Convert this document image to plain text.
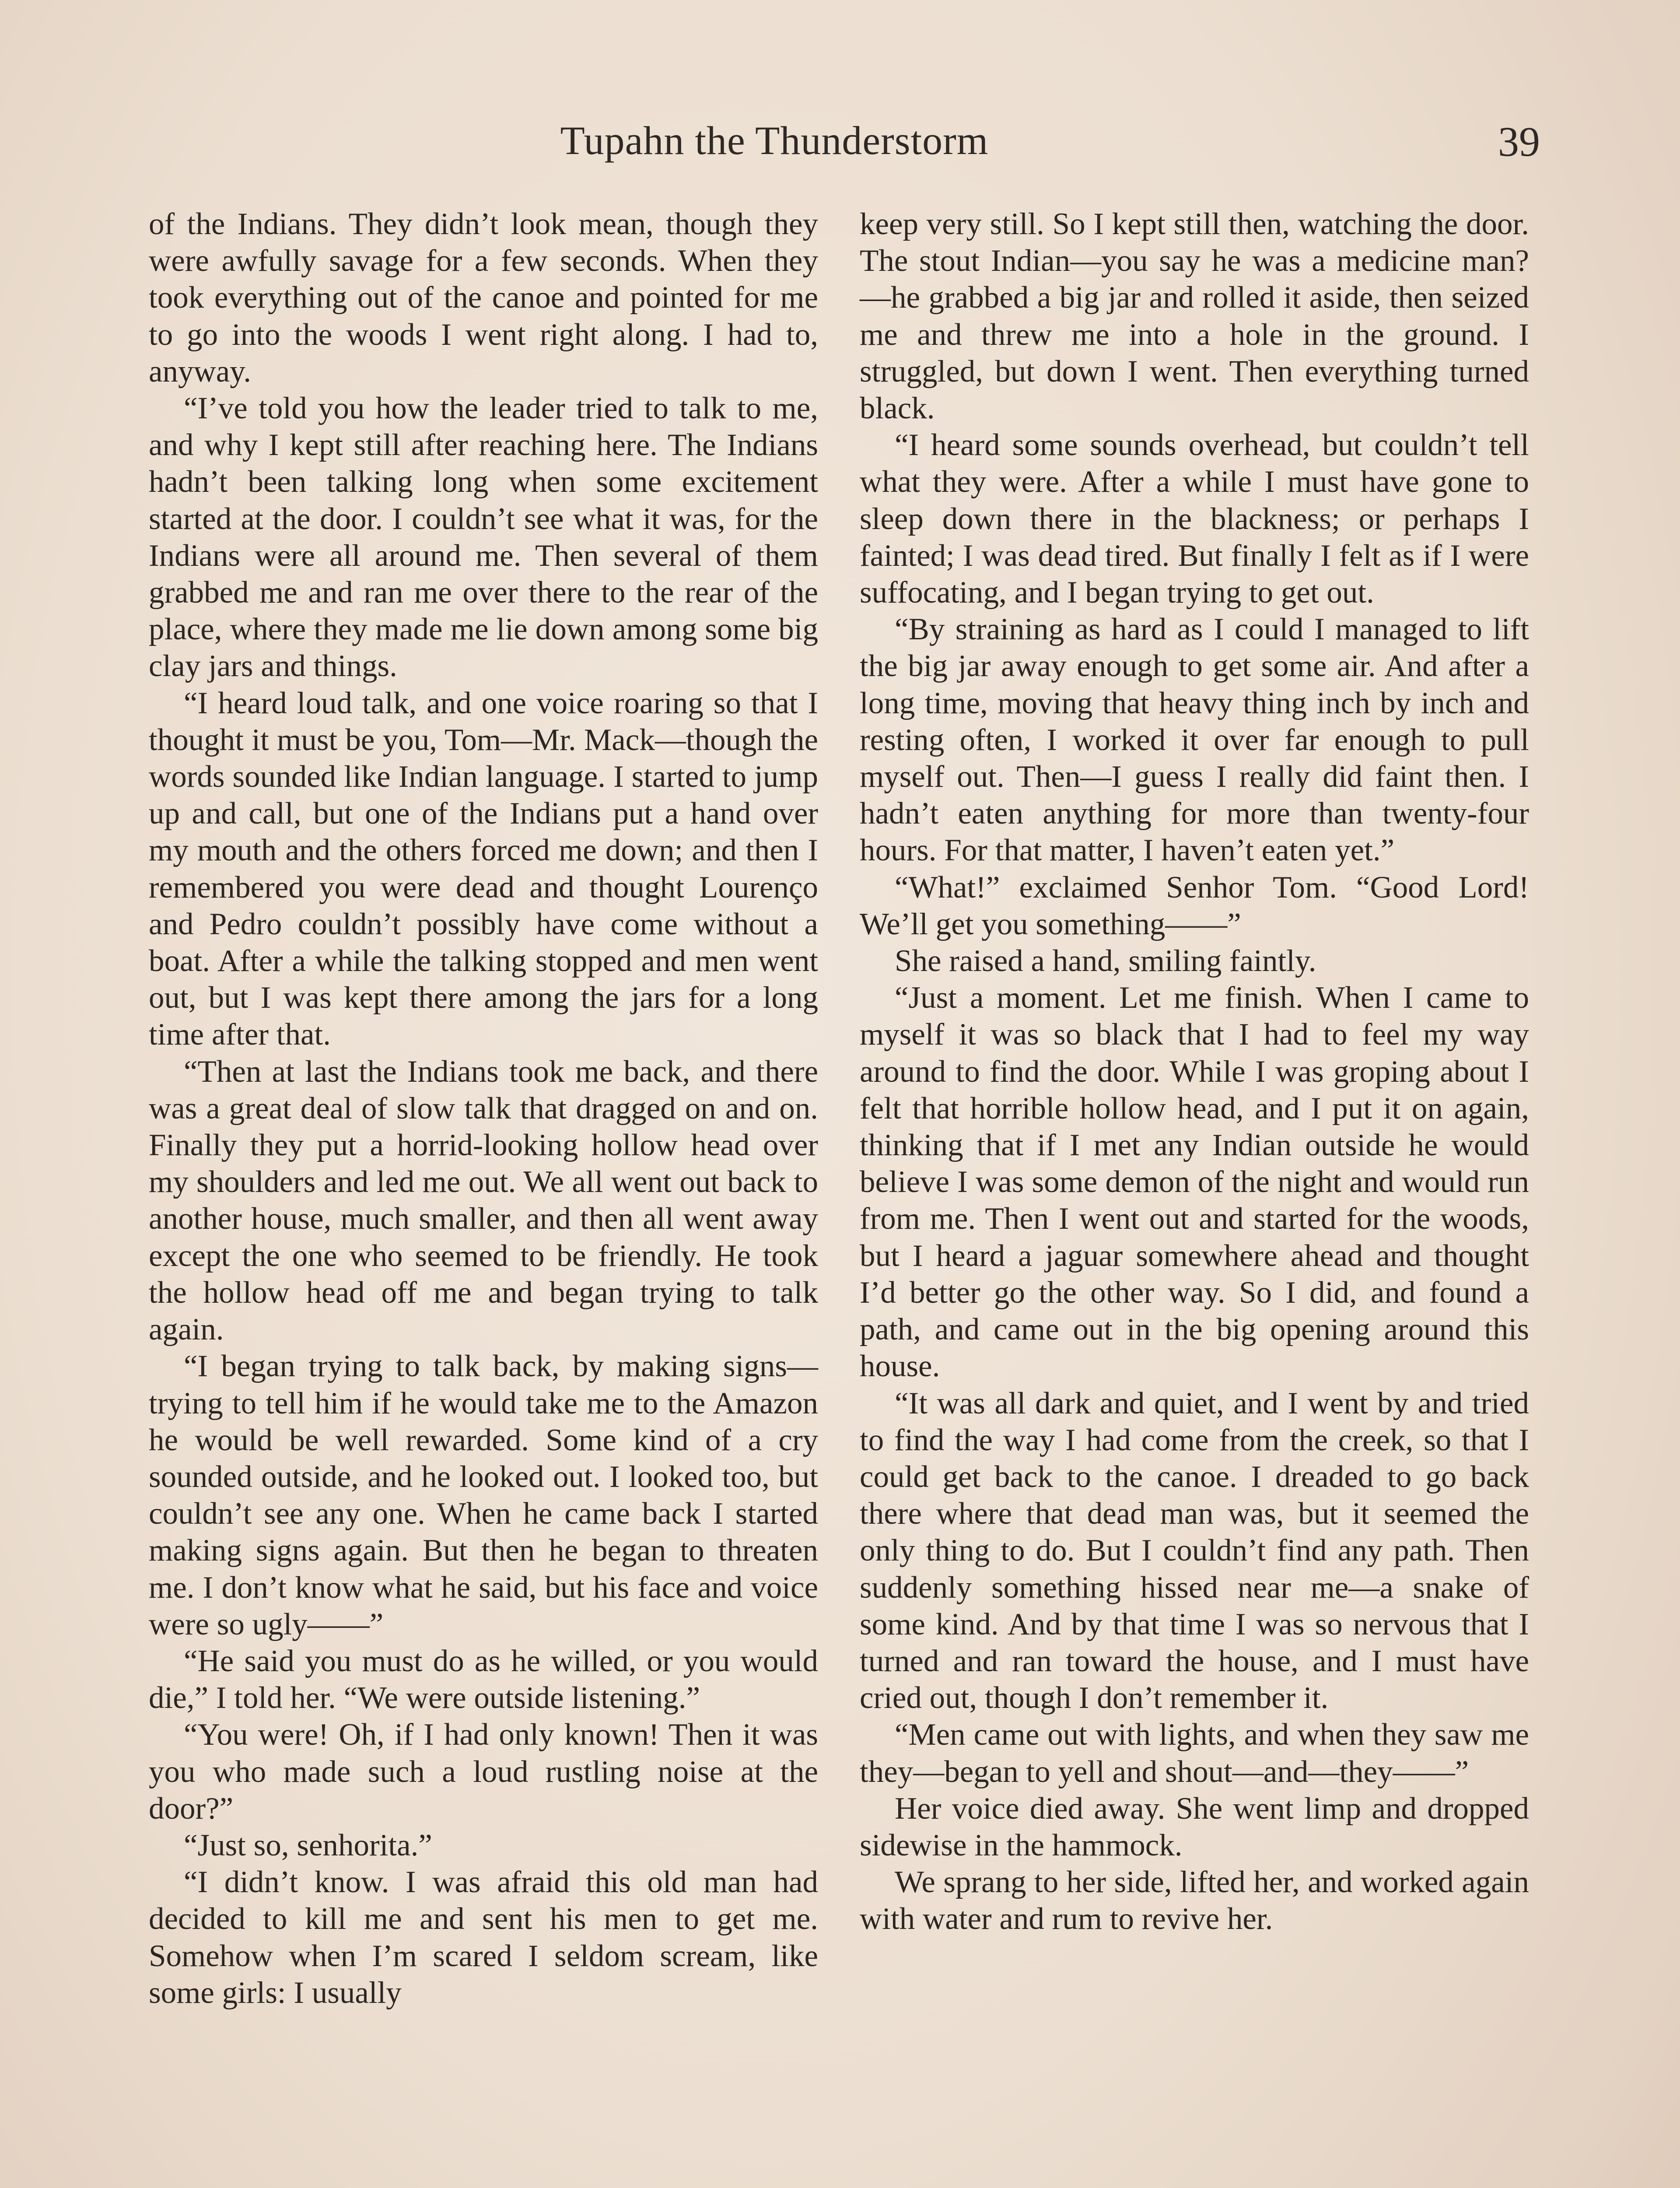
Tupahn the Thunderstorm	39

of the Indians. They didn’t look mean, though they were awfully savage for a few seconds. When they took everything out of the canoe and pointed for me to go into the woods I went right along. I had to, anyway.

“I’ve told you how the leader tried to talk to me, and why I kept still after reaching here. The Indians hadn’t been talking long when some excitement started at the door. I couldn’t see what it was, for the Indians were all around me. Then several of them grabbed me and ran me over there to the rear of the place, where they made me lie down among some big clay jars and things.

“I heard loud talk, and one voice roaring so that I thought it must be you, Tom—Mr. Mack—though the words sounded like Indian language. I started to jump up and call, but one of the Indians put a hand over my mouth and the others forced me down; and then I remembered you were dead and thought Lourenço and Pedro couldn’t possibly have come without a boat. After a while the talking stopped and men went out, but I was kept there among the jars for a long time after that.

“Then at last the Indians took me back, and there was a great deal of slow talk that dragged on and on. Finally they put a horrid-looking hollow head over my shoulders and led me out. We all went out back to another house, much smaller, and then all went away except the one who seemed to be friendly. He took the hollow head off me and began trying to talk again.

“I began trying to talk back, by making signs—trying to tell him if he would take me to the Amazon he would be well rewarded. Some kind of a cry sounded outside, and he looked out. I looked too, but couldn’t see any one. When he came back I started making signs again. But then he began to threaten me. I don’t know what he said, but his face and voice were so ugly——”

“He said you must do as he willed, or you would die,” I told her. “We were outside listening.”

“You were! Oh, if I had only known! Then it was you who made such a loud rustling noise at the door?”

“Just so, senhorita.”

“I didn’t know. I was afraid this old man had decided to kill me and sent his men to get me. Somehow when I’m scared I seldom scream, like some girls: I usually

keep very still. So I kept still then, watching the door. The stout Indian—you say he was a medicine man?—he grabbed a big jar and rolled it aside, then seized me and threw me into a hole in the ground. I struggled, but down I went. Then everything turned black.

“I heard some sounds overhead, but couldn’t tell what they were. After a while I must have gone to sleep down there in the blackness; or perhaps I fainted; I was dead tired. But finally I felt as if I were suffocating, and I began trying to get out.

“By straining as hard as I could I managed to lift the big jar away enough to get some air. And after a long time, moving that heavy thing inch by inch and resting often, I worked it over far enough to pull myself out. Then—I guess I really did faint then. I hadn’t eaten anything for more than twenty-four hours. For that matter, I haven’t eaten yet.”

“What!” exclaimed Senhor Tom. “Good Lord! We’ll get you something——”

She raised a hand, smiling faintly.

“Just a moment. Let me finish. When I came to myself it was so black that I had to feel my way around to find the door. While I was groping about I felt that horrible hollow head, and I put it on again, thinking that if I met any Indian outside he would believe I was some demon of the night and would run from me. Then I went out and started for the woods, but I heard a jaguar somewhere ahead and thought I’d better go the other way. So I did, and found a path, and came out in the big opening around this house.

“It was all dark and quiet, and I went by and tried to find the way I had come from the creek, so that I could get back to the canoe. I dreaded to go back there where that dead man was, but it seemed the only thing to do. But I couldn’t find any path. Then suddenly something hissed near me—a snake of some kind. And by that time I was so nervous that I turned and ran toward the house, and I must have cried out, though I don’t remember it.

“Men came out with lights, and when they saw me they—began to yell and shout—and—they——”

Her voice died away. She went limp and dropped sidewise in the hammock.

We sprang to her side, lifted her, and worked again with water and rum to revive her.
